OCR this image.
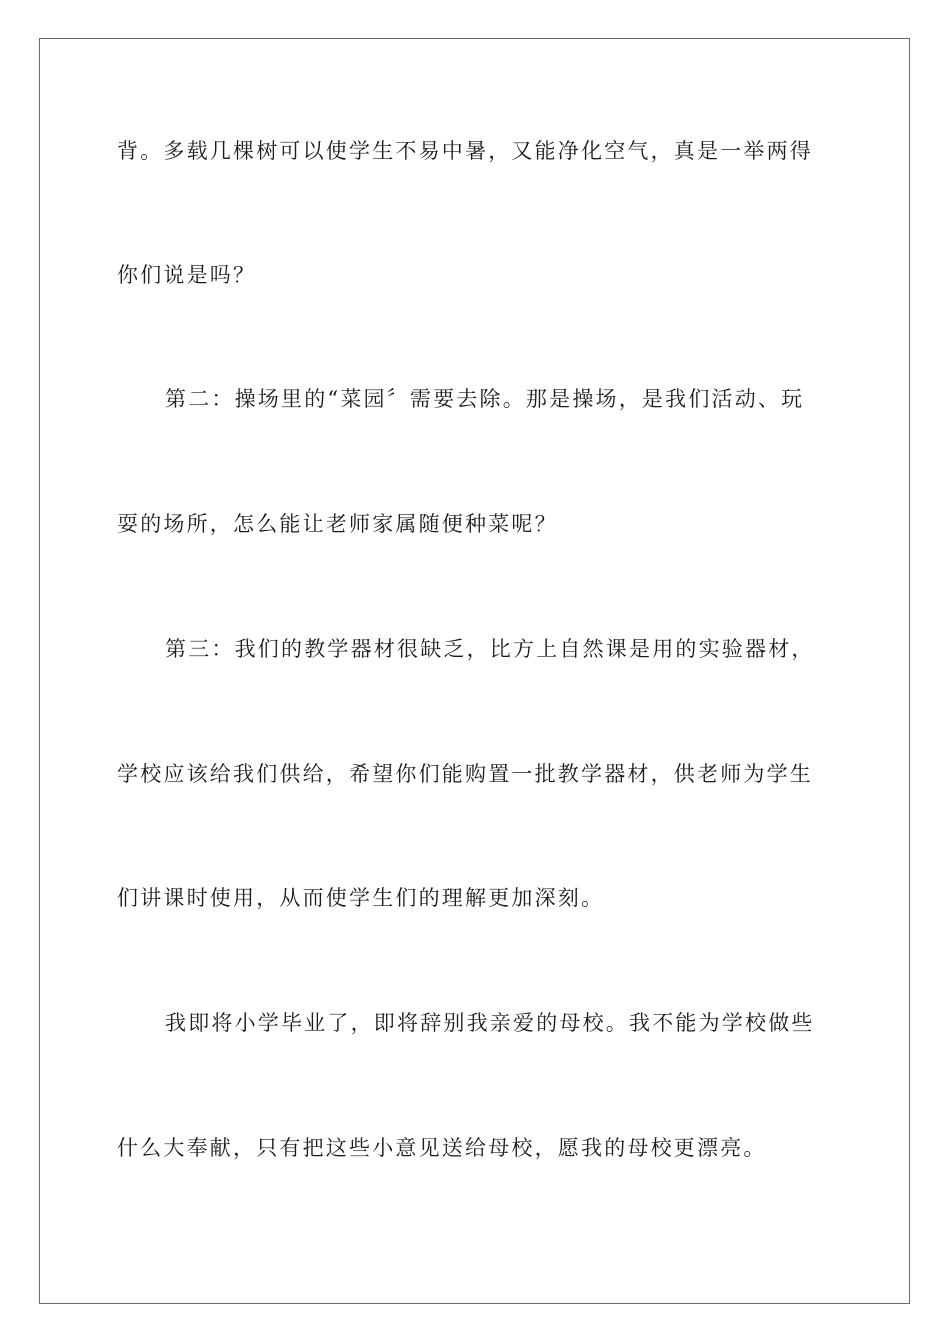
背。多载几棵树可以使学生不易中暑，又能净化空气，真是一举两得
你们说是吗？
第二：操场里的“菜园〞需要去除。那是操场，是我们活动、玩
耍的场所，怎么能让老师家属随便种菜呢？
第三：我们的教学器材很缺乏，比方上自然课是用的实验器材，
学校应该给我们供给，希望你们能购置一批教学器材，供老师为学生
们讲课时使用，从而使学生们的理解更加深刻。
我即将小学毕业了，即将辞别我亲爱的母校。我不能为学校做些
什么大奉献，只有把这些小意见送给母校，愿我的母校更漂亮。
